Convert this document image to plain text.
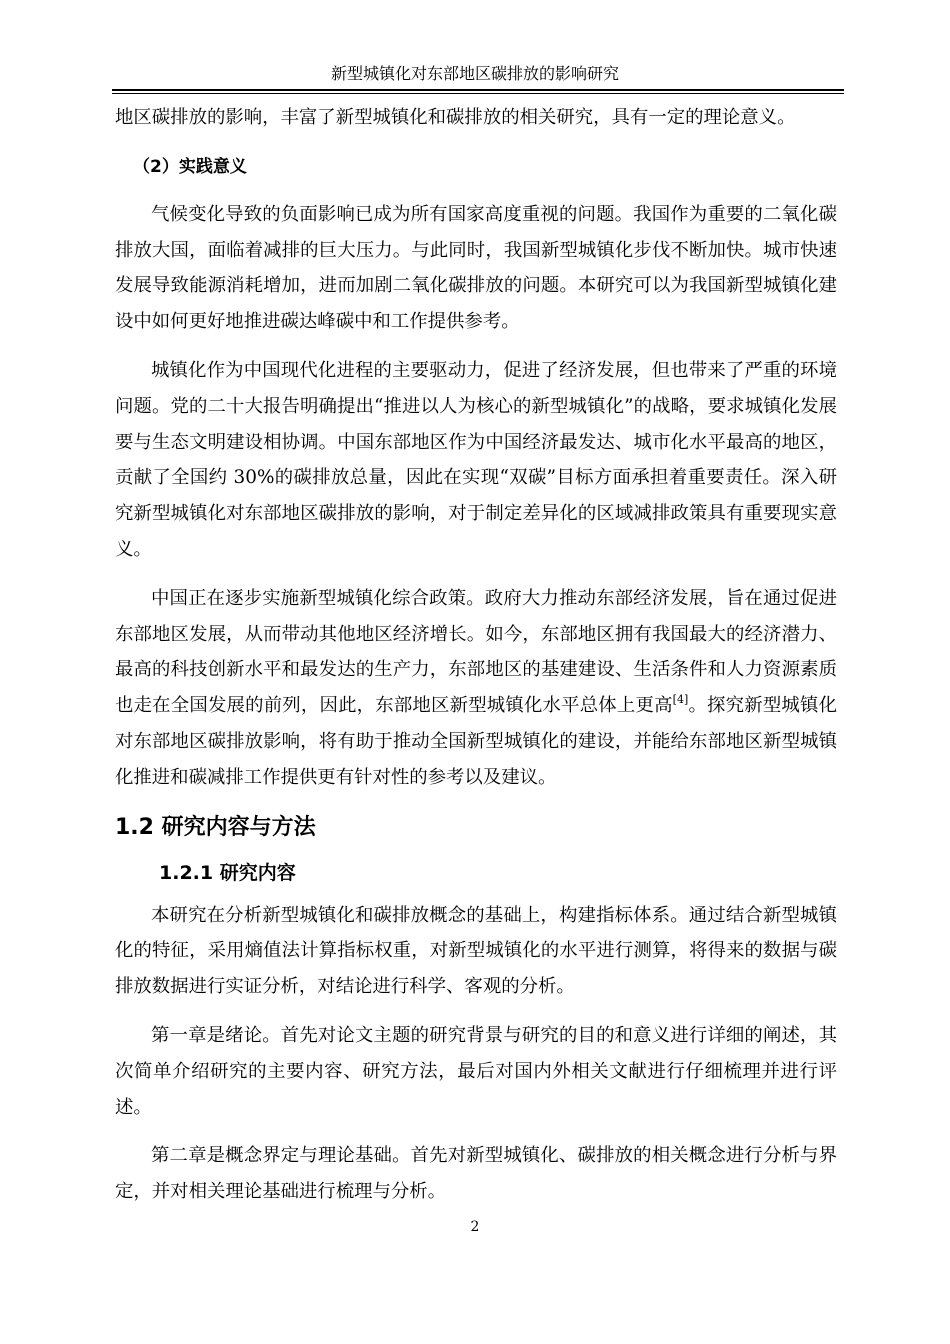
新型城镇化对东部地区碳排放的影响研究

地区碳排放的影响，丰富了新型城镇化和碳排放的相关研究，具有一定的理论意义。

（2）实践意义

气候变化导致的负面影响已成为所有国家高度重视的问题。我国作为重要的二氧化碳排放大国，面临着减排的巨大压力。与此同时，我国新型城镇化步伐不断加快。城市快速发展导致能源消耗增加，进而加剧二氧化碳排放的问题。本研究可以为我国新型城镇化建设中如何更好地推进碳达峰碳中和工作提供参考。

城镇化作为中国现代化进程的主要驱动力，促进了经济发展，但也带来了严重的环境问题。党的二十大报告明确提出“推进以人为核心的新型城镇化”的战略，要求城镇化发展要与生态文明建设相协调。中国东部地区作为中国经济最发达、城市化水平最高的地区，贡献了全国约 30%的碳排放总量，因此在实现“双碳”目标方面承担着重要责任。深入研究新型城镇化对东部地区碳排放的影响，对于制定差异化的区域减排政策具有重要现实意义。

中国正在逐步实施新型城镇化综合政策。政府大力推动东部经济发展，旨在通过促进东部地区发展，从而带动其他地区经济增长。如今，东部地区拥有我国最大的经济潜力、最高的科技创新水平和最发达的生产力，东部地区的基建建设、生活条件和人力资源素质也走在全国发展的前列，因此，东部地区新型城镇化水平总体上更高[4]。探究新型城镇化对东部地区碳排放影响，将有助于推动全国新型城镇化的建设，并能给东部地区新型城镇化推进和碳减排工作提供更有针对性的参考以及建议。

1.2 研究内容与方法
1.2.1 研究内容

本研究在分析新型城镇化和碳排放概念的基础上，构建指标体系。通过结合新型城镇化的特征，采用熵值法计算指标权重，对新型城镇化的水平进行测算，将得来的数据与碳排放数据进行实证分析，对结论进行科学、客观的分析。

第一章是绪论。首先对论文主题的研究背景与研究的目的和意义进行详细的阐述，其次简单介绍研究的主要内容、研究方法，最后对国内外相关文献进行仔细梳理并进行评述。

第二章是概念界定与理论基础。首先对新型城镇化、碳排放的相关概念进行分析与界定，并对相关理论基础进行梳理与分析。

2
